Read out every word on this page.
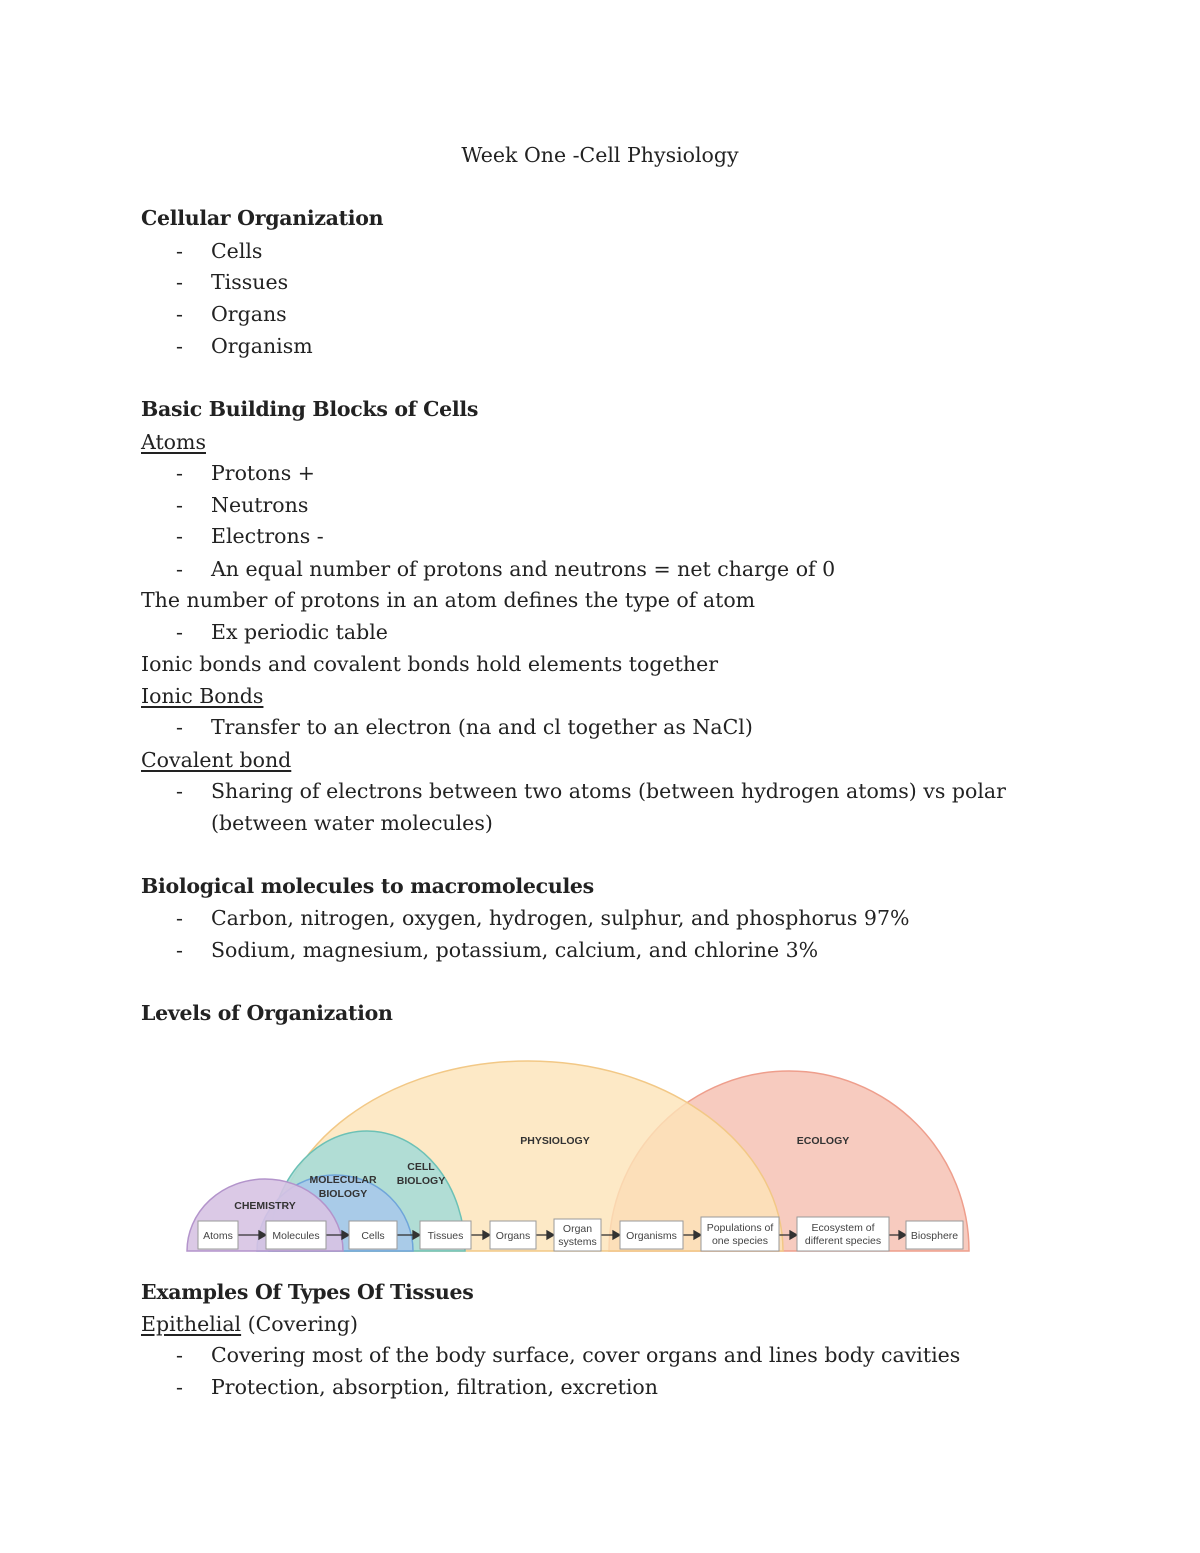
Week One -Cell Physiology
Cellular Organization
- Cells
- Tissues
- Organs
- Organism
Basic Building Blocks of Cells
Atoms
- Protons +
- Neutrons
- Electrons -
- An equal number of protons and neutrons = net charge of 0
The number of protons in an atom defines the type of atom
- Ex periodic table
Ionic bonds and covalent bonds hold elements together
Ionic Bonds
- Transfer to an electron (na and cl together as NaCl)
Covalent bond
- Sharing of electrons between two atoms (between hydrogen atoms) vs polar
(between water molecules)
Biological molecules to macromolecules
- Carbon, nitrogen, oxygen, hydrogen, sulphur, and phosphorus 97%
- Sodium, magnesium, potassium, calcium, and chlorine 3%
Levels of Organization
CHEMISTRY
MOLECULAR
BIOLOGY
CELL
BIOLOGY
PHYSIOLOGY	ECOLOGY
Atoms	Molecules	Cells	Tissues	Organs
Organ
systems	Organisms
Populations of
one species
Ecosystem of
different species	Biosphere
Examples Of Types Of Tissues
Epithelial (Covering)
- Covering most of the body surface, cover organs and lines body cavities
- Protection, absorption, filtration, excretion
